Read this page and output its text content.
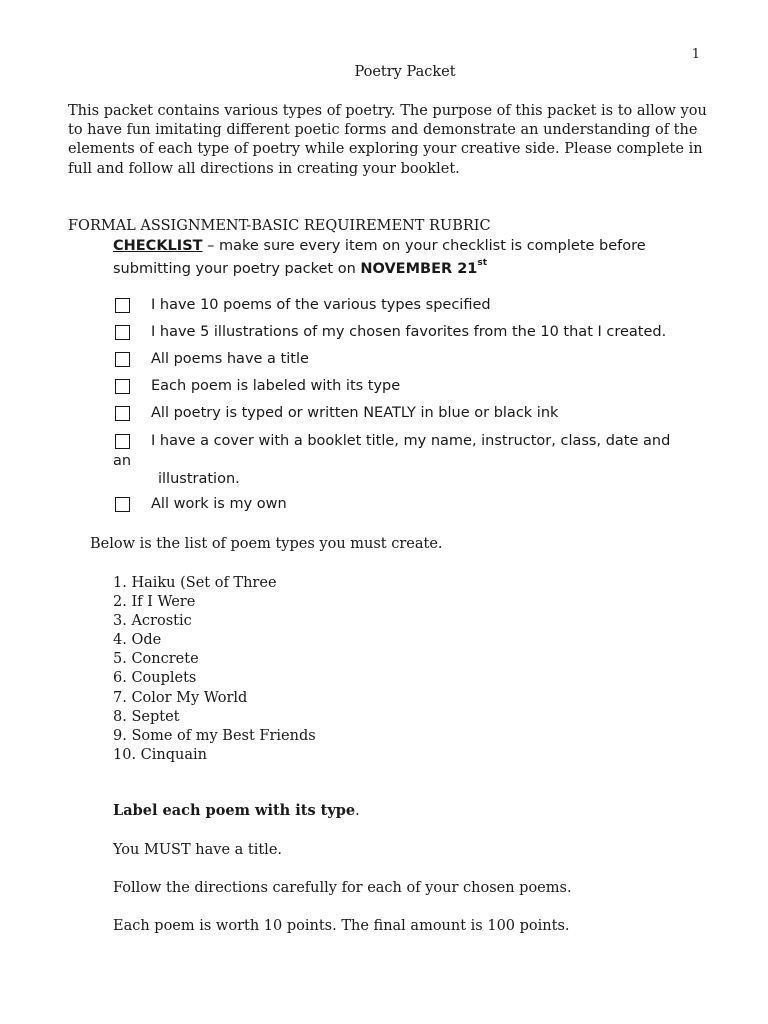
1
Poetry Packet
This packet contains various types of poetry. The purpose of this packet is to allow you
to have fun imitating different poetic forms and demonstrate an understanding of the
elements of each type of poetry while exploring your creative side. Please complete in
full and follow all directions in creating your booklet.
FORMAL ASSIGNMENT-BASIC REQUIREMENT RUBRIC
CHECKLIST – make sure every item on your checklist is complete before
submitting your poetry packet on NOVEMBER 21st
I have 10 poems of the various types specified
I have 5 illustrations of my chosen favorites from the 10 that I created.
All poems have a title
Each poem is labeled with its type
All poetry is typed or written NEATLY in blue or black ink
I have a cover with a booklet title, my name, instructor, class, date and
an
illustration.
All work is my own
Below is the list of poem types you must create.
1. Haiku (Set of Three
2. If I Were
3. Acrostic
4. Ode
5. Concrete
6. Couplets
7. Color My World
8. Septet
9. Some of my Best Friends
10. Cinquain
Label each poem with its type.
You MUST have a title.
Follow the directions carefully for each of your chosen poems.
Each poem is worth 10 points. The final amount is 100 points.
